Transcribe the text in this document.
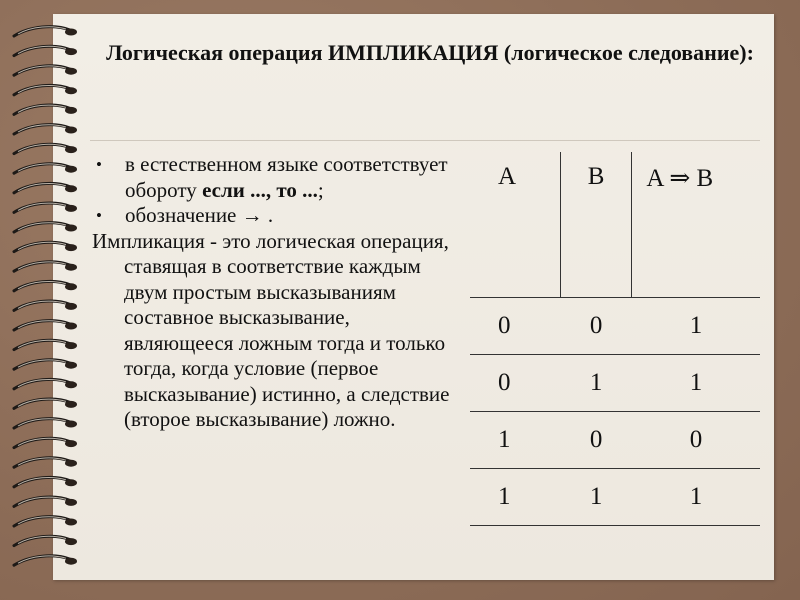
Логическая операция ИМПЛИКАЦИЯ (логическое следование):
• в естественном языке соответствует обороту если ..., то ...;
• обозначение → .
Импликация - это логическая операция, ставящая в соответствие каждым двум простым высказываниям составное высказывание, являющееся ложным тогда и только тогда, когда условие (первое высказывание) истинно, а следствие (второе высказывание) ложно.
A	B	A ⇒ B
0	0	1
0	1	1
1	0	0
1	1	1
